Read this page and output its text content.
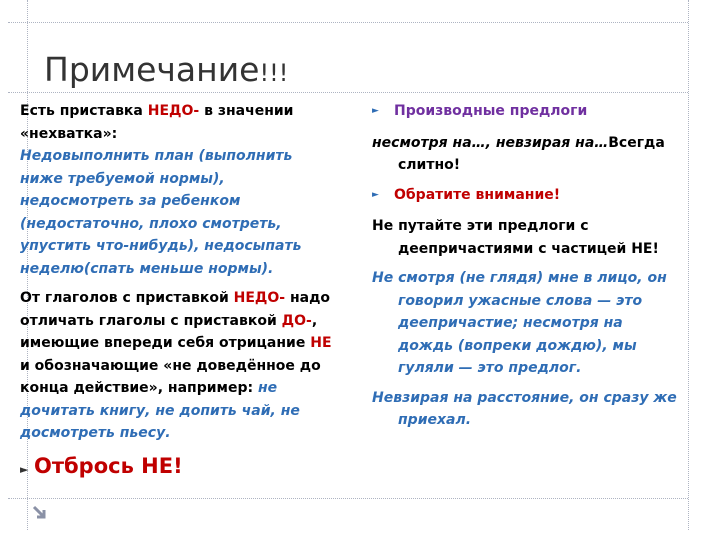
Примечание!!!
Есть приставка НЕДО- в значении «нехватка»:
Недовыполнить план (выполнить ниже требуемой нормы), недосмотреть за ребенком (недостаточно, плохо смотреть, упустить что-нибудь), недосыпать неделю(спать меньше нормы).
От глаголов с приставкой НЕДО- надо отличать глаголы с приставкой ДО-, имеющие впереди себя отрицание НЕ и обозначающие «не доведённое до конца действие», например: не дочитать книгу, не допить чай, не досмотреть пьесу.
► Отбрось НЕ!
►	Производные предлоги
несмотря на…, невзирая на…Всегда слитно!
►	Обратите внимание!
Не путайте эти предлоги с деепричастиями с частицей НЕ!
Не смотря (не глядя) мне в лицо, он говорил ужасные слова — это деепричастие; несмотря на дождь (вопреки дождю), мы гуляли — это предлог.
Невзирая на расстояние, он сразу же приехал.
